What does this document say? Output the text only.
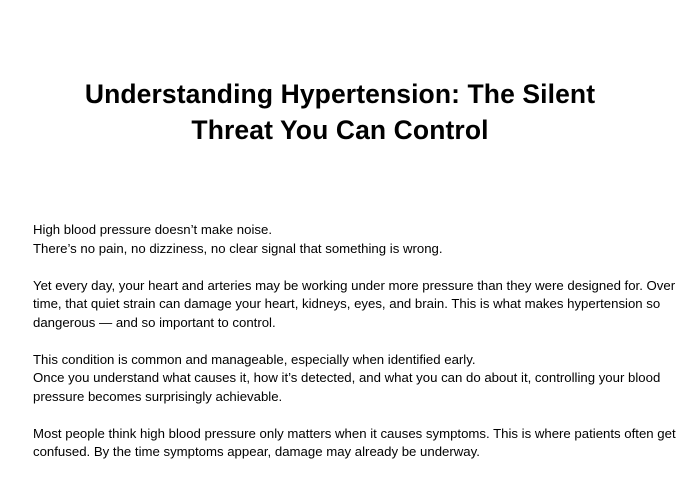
Understanding Hypertension: The Silent
Threat You Can Control

High blood pressure doesn’t make noise.
There’s no pain, no dizziness, no clear signal that something is wrong.

Yet every day, your heart and arteries may be working under more pressure than they were designed for. Over
time, that quiet strain can damage your heart, kidneys, eyes, and brain. This is what makes hypertension so
dangerous — and so important to control.

This condition is common and manageable, especially when identified early.
Once you understand what causes it, how it’s detected, and what you can do about it, controlling your blood
pressure becomes surprisingly achievable.

Most people think high blood pressure only matters when it causes symptoms. This is where patients often get
confused. By the time symptoms appear, damage may already be underway.
